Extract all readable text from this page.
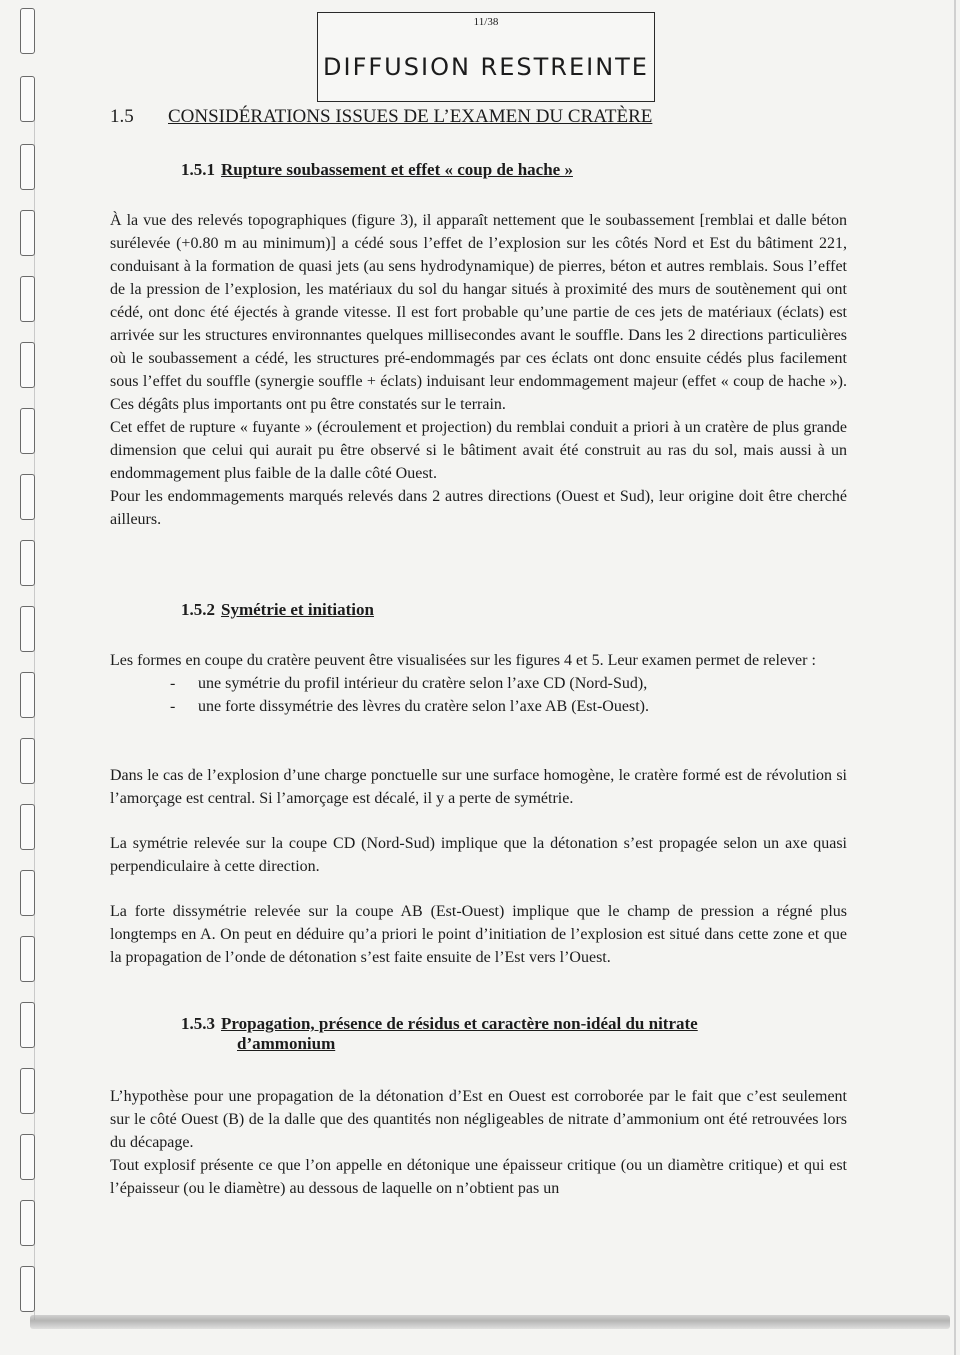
11/38
DIFFUSION RESTREINTE
1.5 CONSIDÉRATIONS ISSUES DE L’EXAMEN DU CRATÈRE
1.5.1 Rupture soubassement et effet « coup de hache »

À la vue des relevés topographiques (figure 3), il apparaît nettement que le soubassement [remblai et dalle béton surélevée (+0.80 m au minimum)] a cédé sous l’effet de l’explosion sur les côtés Nord et Est du bâtiment 221, conduisant à la formation de quasi jets (au sens hydrodynamique) de pierres, béton et autres remblais. Sous l’effet de la pression de l’explosion, les matériaux du sol du hangar situés à proximité des murs de soutènement qui ont cédé, ont donc été éjectés à grande vitesse. Il est fort probable qu’une partie de ces jets de matériaux (éclats) est arrivée sur les structures environnantes quelques millisecondes avant le souffle. Dans les 2 directions particulières où le soubassement a cédé, les structures pré-endommagés par ces éclats ont donc ensuite cédés plus facilement sous l’effet du souffle (synergie souffle + éclats) induisant leur endommagement majeur (effet « coup de hache »). Ces dégâts plus importants ont pu être constatés sur le terrain.

Cet effet de rupture « fuyante » (écroulement et projection) du remblai conduit a priori à un cratère de plus grande dimension que celui qui aurait pu être observé si le bâtiment avait été construit au ras du sol, mais aussi à un endommagement plus faible de la dalle côté Ouest.

Pour les endommagements marqués relevés dans 2 autres directions (Ouest et Sud), leur origine doit être cherché ailleurs.

1.5.2 Symétrie et initiation

Les formes en coupe du cratère peuvent être visualisées sur les figures 4 et 5. Leur examen permet de relever :

- une symétrie du profil intérieur du cratère selon l’axe CD (Nord-Sud),
- une forte dissymétrie des lèvres du cratère selon l’axe AB (Est-Ouest).

Dans le cas de l’explosion d’une charge ponctuelle sur une surface homogène, le cratère formé est de révolution si l’amorçage est central. Si l’amorçage est décalé, il y a perte de symétrie.

La symétrie relevée sur la coupe CD (Nord-Sud) implique que la détonation s’est propagée selon un axe quasi perpendiculaire à cette direction.

La forte dissymétrie relevée sur la coupe AB (Est-Ouest) implique que le champ de pression a régné plus longtemps en A. On peut en déduire qu’a priori le point d’initiation de l’explosion est situé dans cette zone et que la propagation de l’onde de détonation s’est faite ensuite de l’Est vers l’Ouest.

1.5.3 Propagation, présence de résidus et caractère non-idéal du nitrate
d’ammonium

L’hypothèse pour une propagation de la détonation d’Est en Ouest est corroborée par le fait que c’est seulement sur le côté Ouest (B) de la dalle que des quantités non négligeables de nitrate d’ammonium ont été retrouvées lors du décapage.

Tout explosif présente ce que l’on appelle en détonique une épaisseur critique (ou un diamètre critique) et qui est l’épaisseur (ou le diamètre) au dessous de laquelle on n’obtient pas un
